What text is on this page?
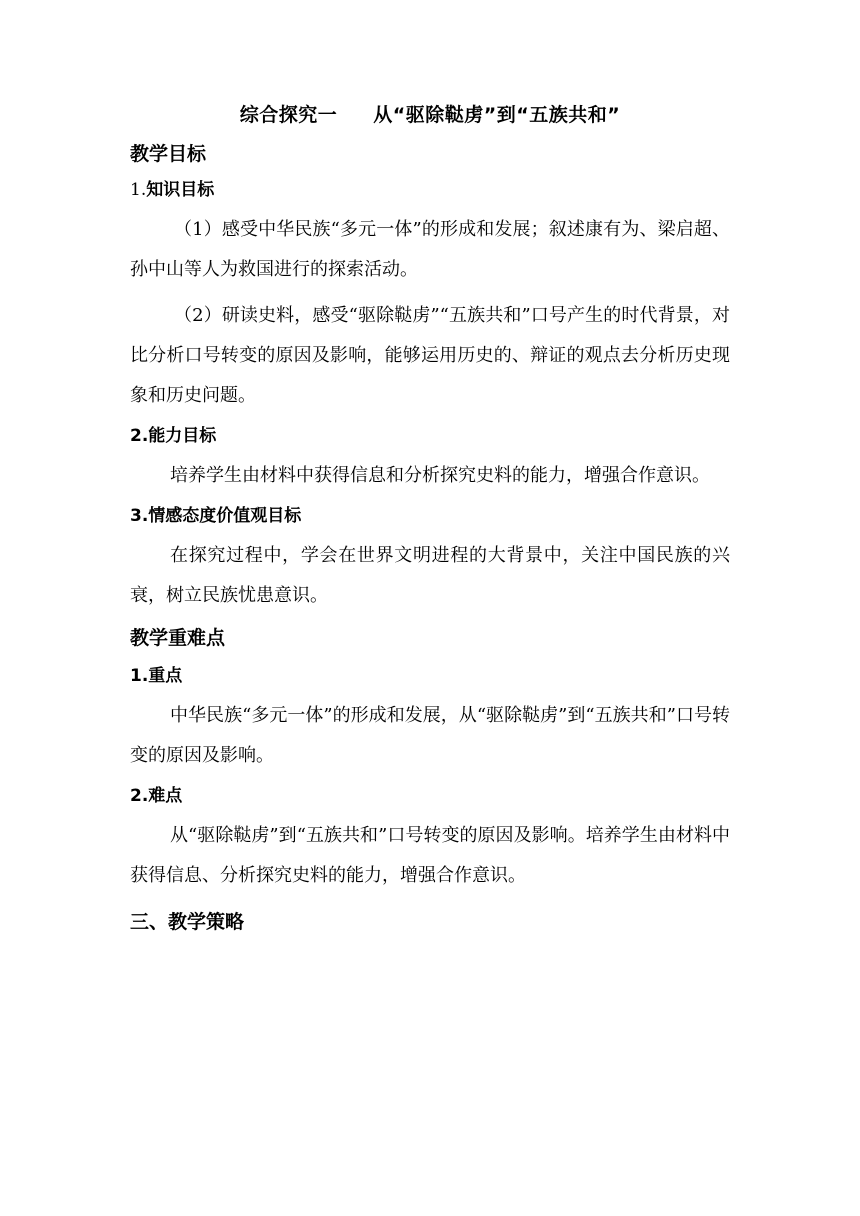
综合探究一 从“驱除鞑虏”到“五族共和”
教学目标
1.知识目标

（1）感受中华民族“多元一体”的形成和发展；叙述康有为、梁启超、孙中山等人为救国进行的探索活动。

（2）研读史料，感受“驱除鞑虏”“五族共和”口号产生的时代背景，对比分析口号转变的原因及影响，能够运用历史的、辩证的观点去分析历史现象和历史问题。

2.能力目标

培养学生由材料中获得信息和分析探究史料的能力，增强合作意识。

3.情感态度价值观目标

在探究过程中，学会在世界文明进程的大背景中，关注中国民族的兴衰，树立民族忧患意识。

教学重难点
1.重点

中华民族“多元一体”的形成和发展，从“驱除鞑虏”到“五族共和”口号转变的原因及影响。

2.难点

从“驱除鞑虏”到“五族共和”口号转变的原因及影响。培养学生由材料中获得信息、分析探究史料的能力，增强合作意识。

三、教学策略
